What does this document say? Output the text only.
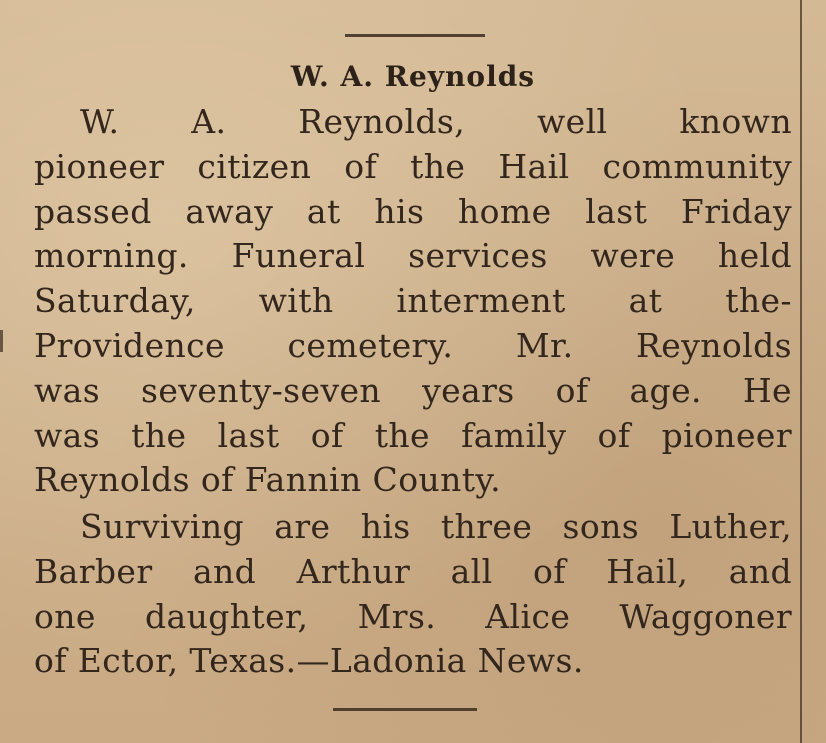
W. A. Reynolds
W. A. Reynolds, well known
pioneer citizen of the Hail community
passed away at his home last Friday
morning. Funeral services were held
Saturday, with interment at the-
Providence cemetery. Mr. Reynolds
was seventy-seven years of age. He
was the last of the family of pioneer
Reynolds of Fannin County.
Surviving are his three sons Luther,
Barber and Arthur all of Hail, and
one daughter, Mrs. Alice Waggoner
of Ector, Texas.—Ladonia News.
